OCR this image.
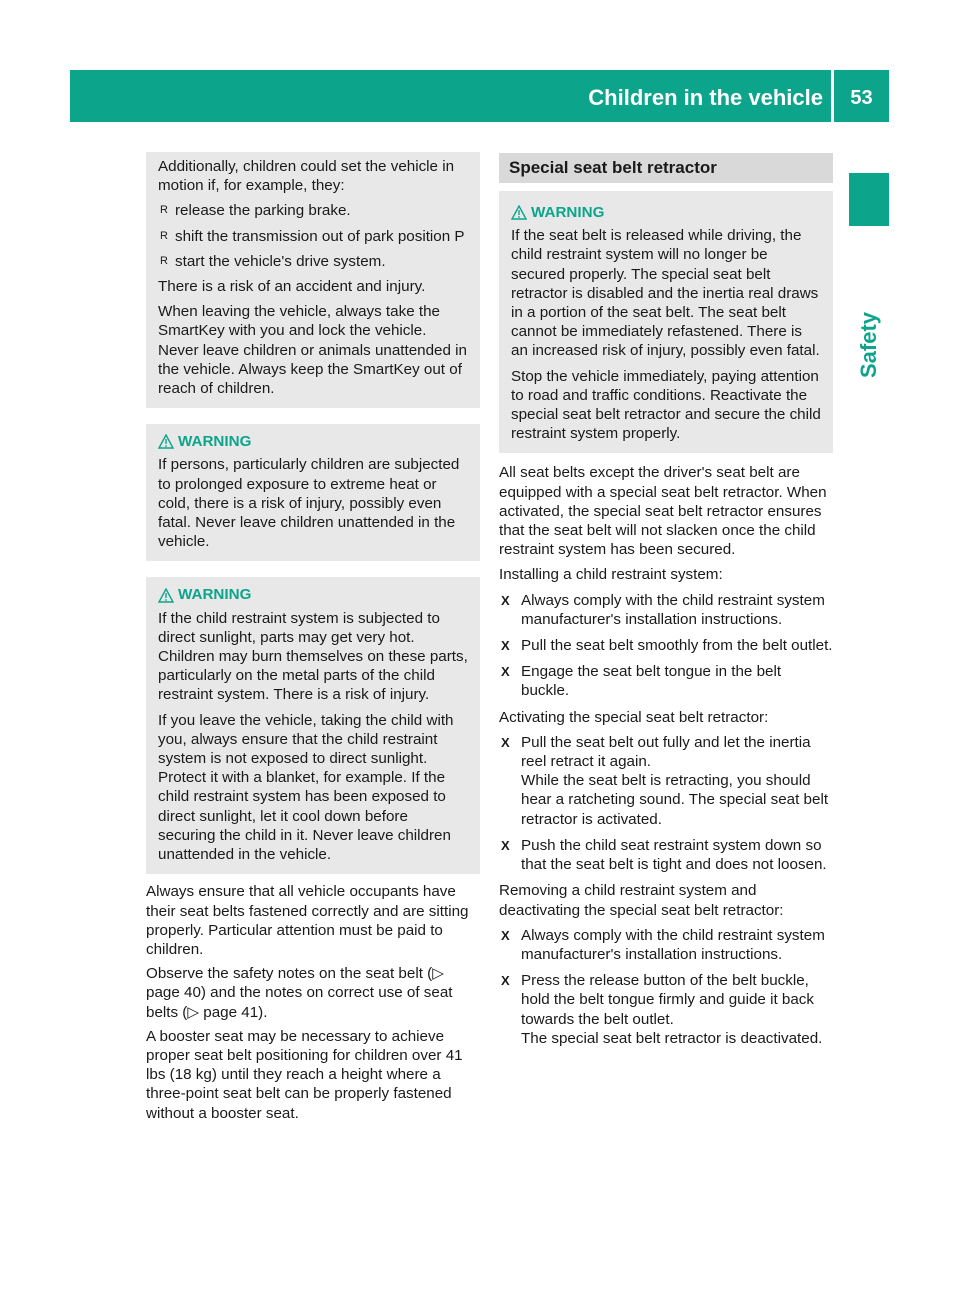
Children in the vehicle	53
Safety

Additionally, children could set the vehicle in motion if, for example, they:

R release the parking brake.
R shift the transmission out of park position P
R start the vehicle's drive system.

There is a risk of an accident and injury.

When leaving the vehicle, always take the SmartKey with you and lock the vehicle. Never leave children or animals unattended in the vehicle. Always keep the SmartKey out of reach of children.

WARNING

If persons, particularly children are subjected to prolonged exposure to extreme heat or cold, there is a risk of injury, possibly even fatal. Never leave children unattended in the vehicle.

WARNING

If the child restraint system is subjected to direct sunlight, parts may get very hot. Children may burn themselves on these parts, particularly on the metal parts of the child restraint system. There is a risk of injury.

If you leave the vehicle, taking the child with you, always ensure that the child restraint system is not exposed to direct sunlight. Protect it with a blanket, for example. If the child restraint system has been exposed to direct sunlight, let it cool down before securing the child in it. Never leave children unattended in the vehicle.

Always ensure that all vehicle occupants have their seat belts fastened correctly and are sitting properly. Particular attention must be paid to children.

Observe the safety notes on the seat belt (▷ page 40) and the notes on correct use of seat belts (▷ page 41).

A booster seat may be necessary to achieve proper seat belt positioning for children over 41 lbs (18 kg) until they reach a height where a three-point seat belt can be properly fastened without a booster seat.

Special seat belt retractor
WARNING

If the seat belt is released while driving, the child restraint system will no longer be secured properly. The special seat belt retractor is disabled and the inertia real draws in a portion of the seat belt. The seat belt cannot be immediately refastened. There is an increased risk of injury, possibly even fatal.

Stop the vehicle immediately, paying attention to road and traffic conditions. Reactivate the special seat belt retractor and secure the child restraint system properly.

All seat belts except the driver's seat belt are equipped with a special seat belt retractor. When activated, the special seat belt retractor ensures that the seat belt will not slacken once the child restraint system has been secured.

Installing a child restraint system:

X Always comply with the child restraint system manufacturer's installation instructions.
X Pull the seat belt smoothly from the belt outlet.
X Engage the seat belt tongue in the belt buckle.

Activating the special seat belt retractor:

X Pull the seat belt out fully and let the inertia reel retract it again.
While the seat belt is retracting, you should hear a ratcheting sound. The special seat belt retractor is activated.
X Push the child seat restraint system down so that the seat belt is tight and does not loosen.

Removing a child restraint system and deactivating the special seat belt retractor:

X Always comply with the child restraint system manufacturer's installation instructions.
X Press the release button of the belt buckle, hold the belt tongue firmly and guide it back towards the belt outlet.
The special seat belt retractor is deactivated.
